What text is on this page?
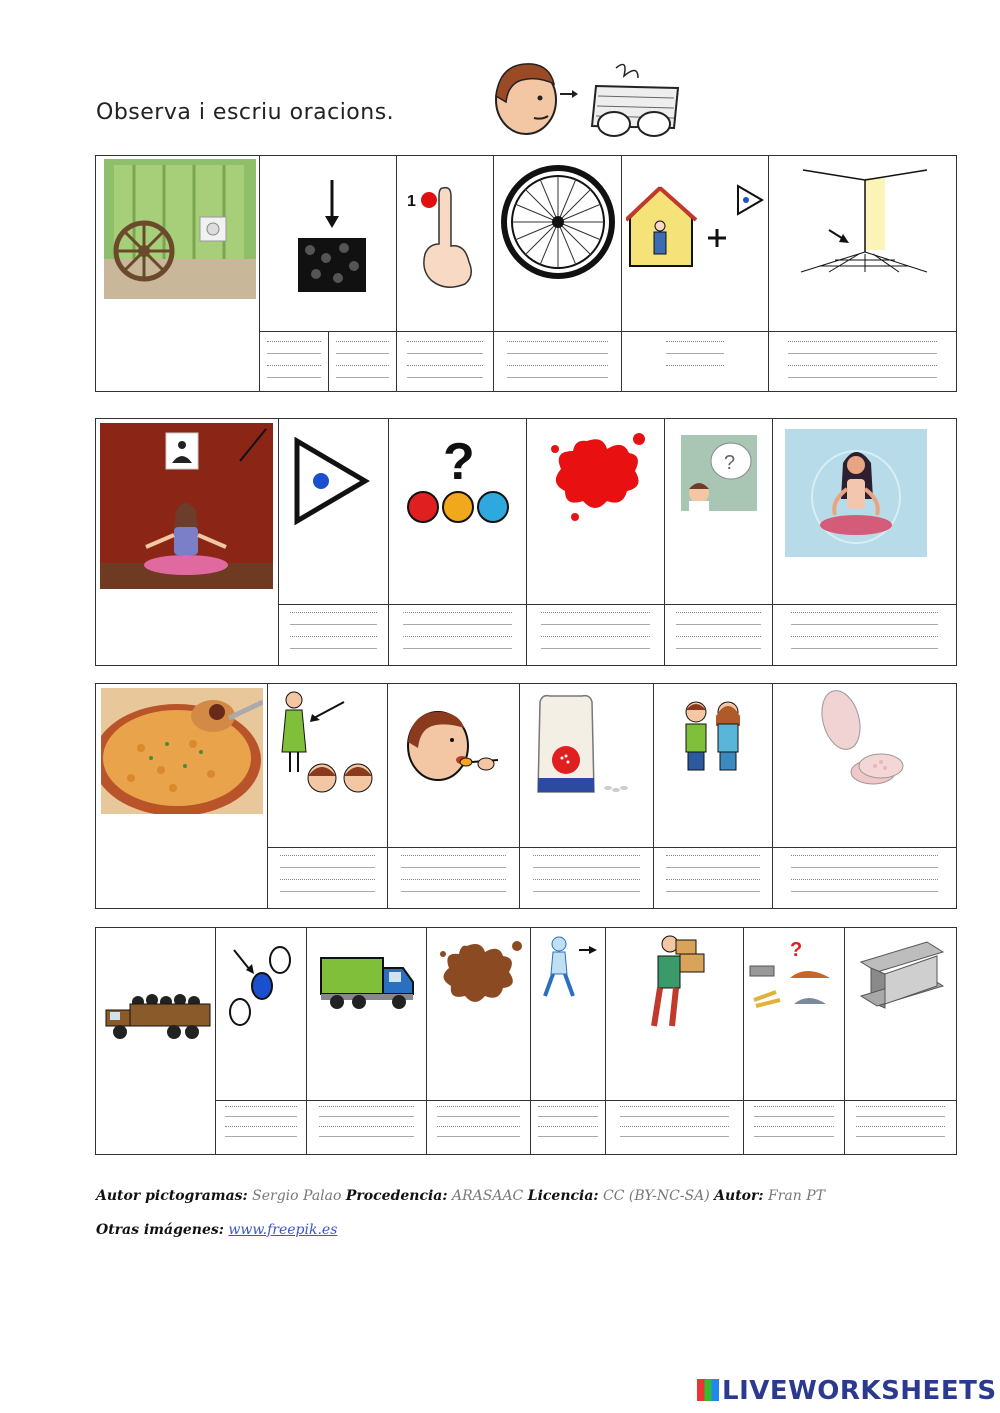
Observa i escriu oracions.
1
?	?
?
Autor pictogramas: Sergio Palao Procedencia: ARASAAC Licencia: CC (BY-NC-SA) Autor: Fran PT
Otras imágenes: www.freepik.es
LIVEWORKSHEETS
